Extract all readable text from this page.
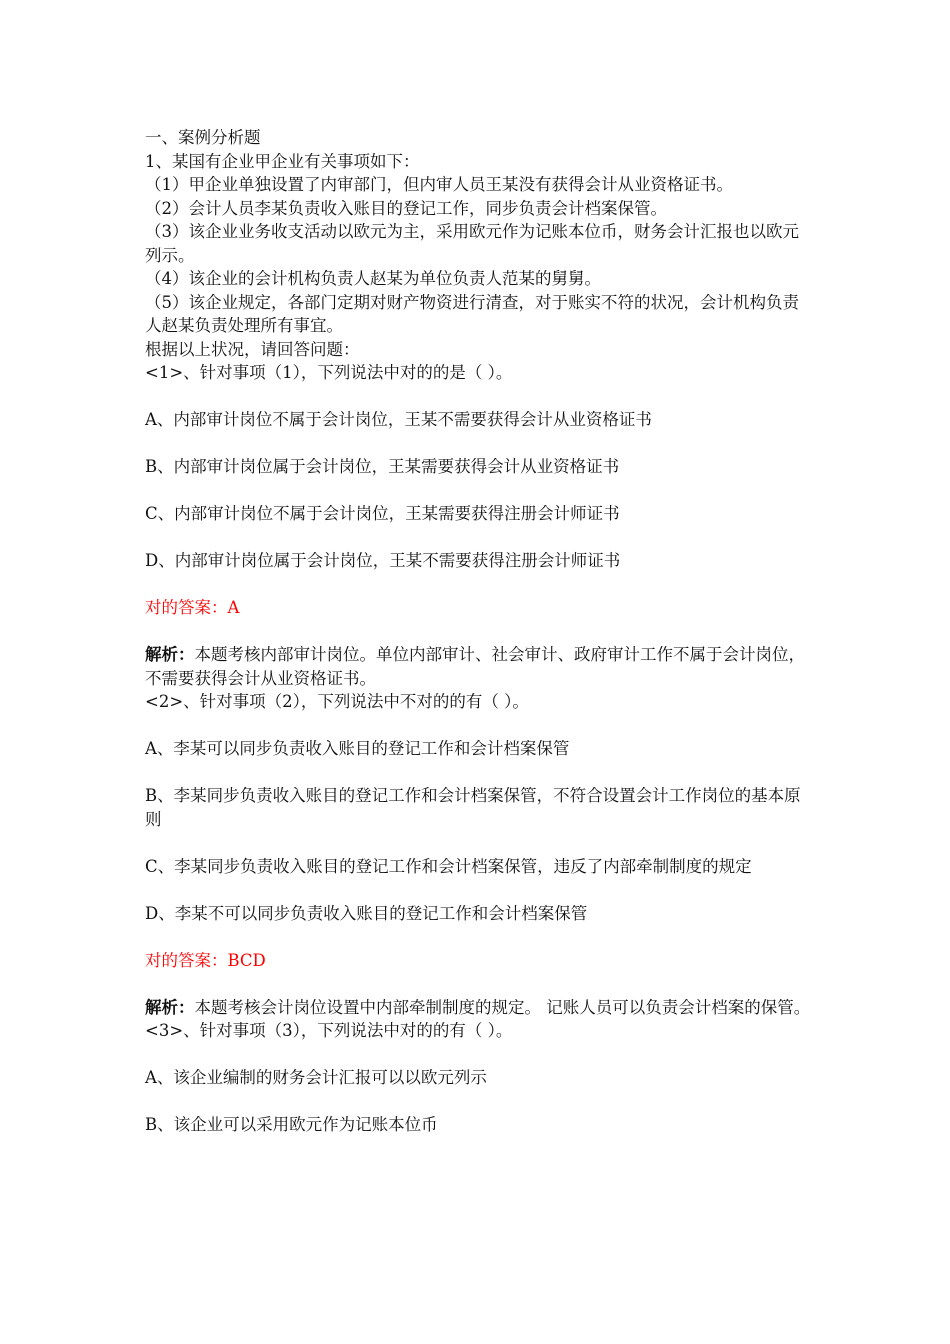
一、案例分析题

1、某国有企业甲企业有关事项如下：

（1）甲企业单独设置了内审部门，但内审人员王某没有获得会计从业资格证书。

（2）会计人员李某负责收入账目的登记工作，同步负责会计档案保管。

（3）该企业业务收支活动以欧元为主，采用欧元作为记账本位币，财务会计汇报也以欧元列示。

（4）该企业的会计机构负责人赵某为单位负责人范某的舅舅。

（5）该企业规定，各部门定期对财产物资进行清查，对于账实不符的状况，会计机构负责人赵某负责处理所有事宜。

根据以上状况，请回答问题：

<1>、针对事项（1），下列说法中对的的是（ ）。

A、内部审计岗位不属于会计岗位，王某不需要获得会计从业资格证书

B、内部审计岗位属于会计岗位，王某需要获得会计从业资格证书

C、内部审计岗位不属于会计岗位，王某需要获得注册会计师证书

D、内部审计岗位属于会计岗位，王某不需要获得注册会计师证书

对的答案：A

解析：本题考核内部审计岗位。单位内部审计、社会审计、政府审计工作不属于会计岗位，不需要获得会计从业资格证书。

<2>、针对事项（2），下列说法中不对的的有（ ）。

A、李某可以同步负责收入账目的登记工作和会计档案保管

B、李某同步负责收入账目的登记工作和会计档案保管，不符合设置会计工作岗位的基本原则

C、李某同步负责收入账目的登记工作和会计档案保管，违反了内部牵制制度的规定

D、李某不可以同步负责收入账目的登记工作和会计档案保管

对的答案：BCD

解析：本题考核会计岗位设置中内部牵制制度的规定。 记账人员可以负责会计档案的保管。

<3>、针对事项（3），下列说法中对的的有（ ）。

A、该企业编制的财务会计汇报可以以欧元列示

B、该企业可以采用欧元作为记账本位币
